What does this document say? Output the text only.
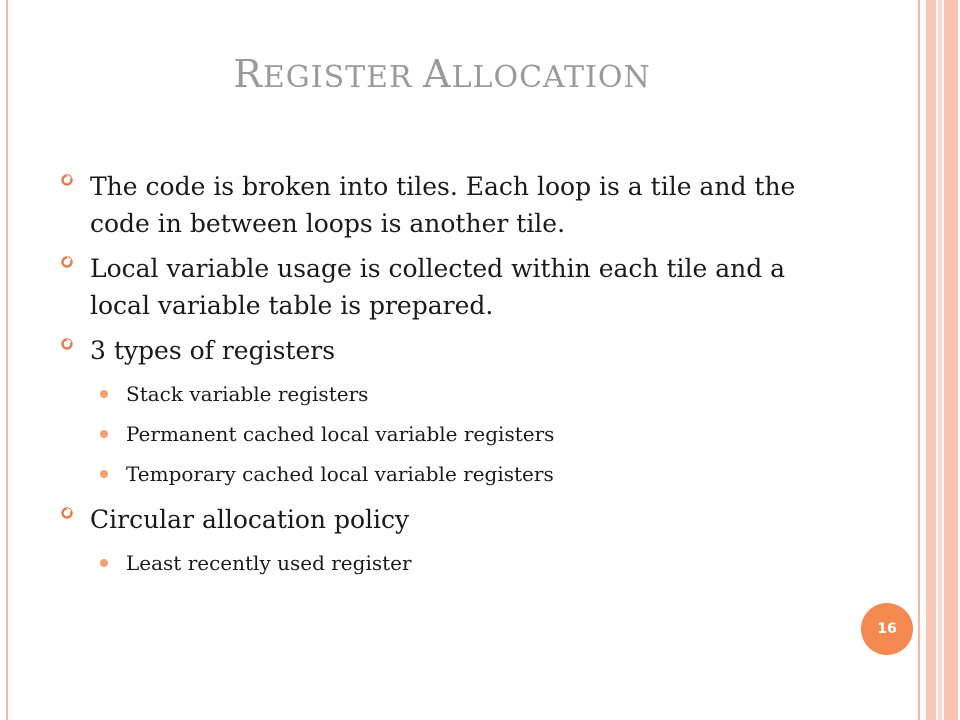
REGISTER ALLOCATION
The code is broken into tiles. Each loop is a tile and the code in between loops is another tile.
Local variable usage is collected within each tile and a local variable table is prepared.
3 types of registers
Stack variable registers
Permanent cached local variable registers
Temporary cached local variable registers
Circular allocation policy
Least recently used register
16
